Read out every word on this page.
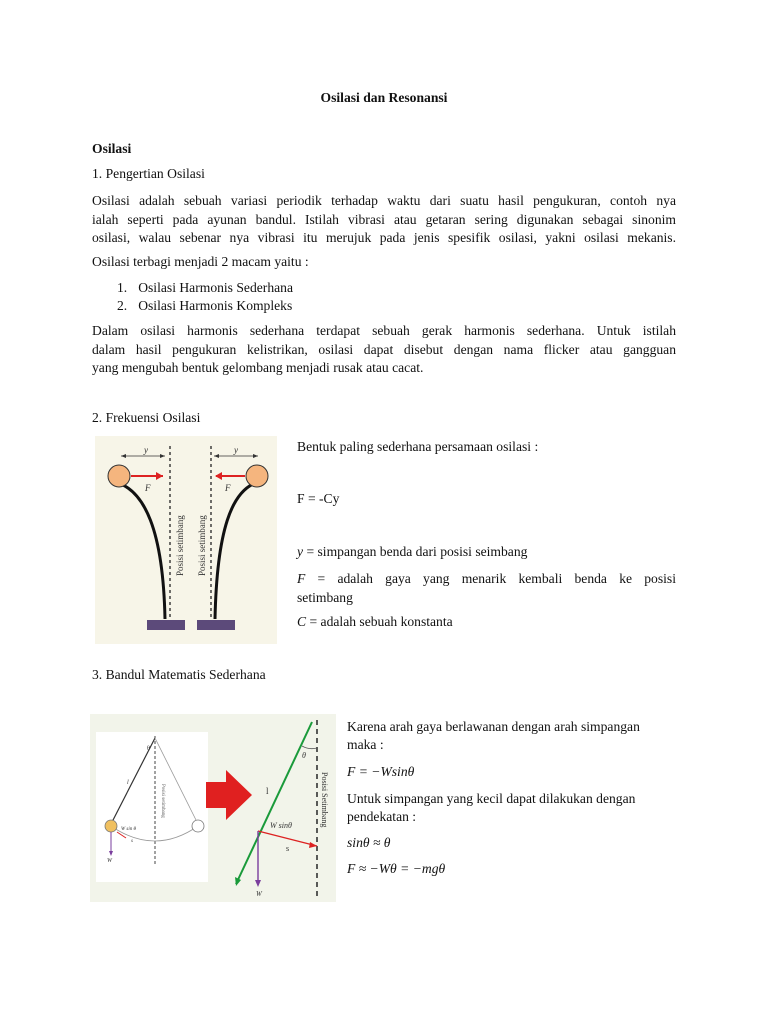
Osilasi dan Resonansi
Osilasi
1. Pengertian Osilasi
Osilasi adalah sebuah variasi periodik terhadap waktu dari suatu hasil pengukuran, contoh nya
ialah seperti pada ayunan bandul. Istilah vibrasi atau getaran sering digunakan sebagai sinonim
osilasi, walau sebenar nya vibrasi itu merujuk pada jenis spesifik osilasi, yakni osilasi mekanis.
Osilasi terbagi menjadi 2 macam yaitu :
1. Osilasi Harmonis Sederhana
2. Osilasi Harmonis Kompleks
Dalam osilasi harmonis sederhana terdapat sebuah gerak harmonis sederhana. Untuk istilah
dalam hasil pengukuran kelistrikan, osilasi dapat disebut dengan nama flicker atau gangguan
yang mengubah bentuk gelombang menjadi rusak atau cacat.
2. Frekuensi Osilasi
y
F
Posisi setimbang
y
F
Posisi setimbang
Bentuk paling sederhana persamaan osilasi :
F = -Cy
y = simpangan benda dari posisi seimbang
F = adalah gaya yang menarik kembali benda ke posisi
setimbang
C = adalah sebuah konstanta
3. Bandul Matematis Sederhana
θ
l
Posisi setimbang
W sin θ
s
W
θ
l
W sinθ
s
W
Posisi Setimbang
Karena arah gaya berlawanan dengan arah simpangan
maka :
F = −Wsinθ
Untuk simpangan yang kecil dapat dilakukan dengan
pendekatan :
sinθ ≈ θ
F ≈ −Wθ = −mgθ
